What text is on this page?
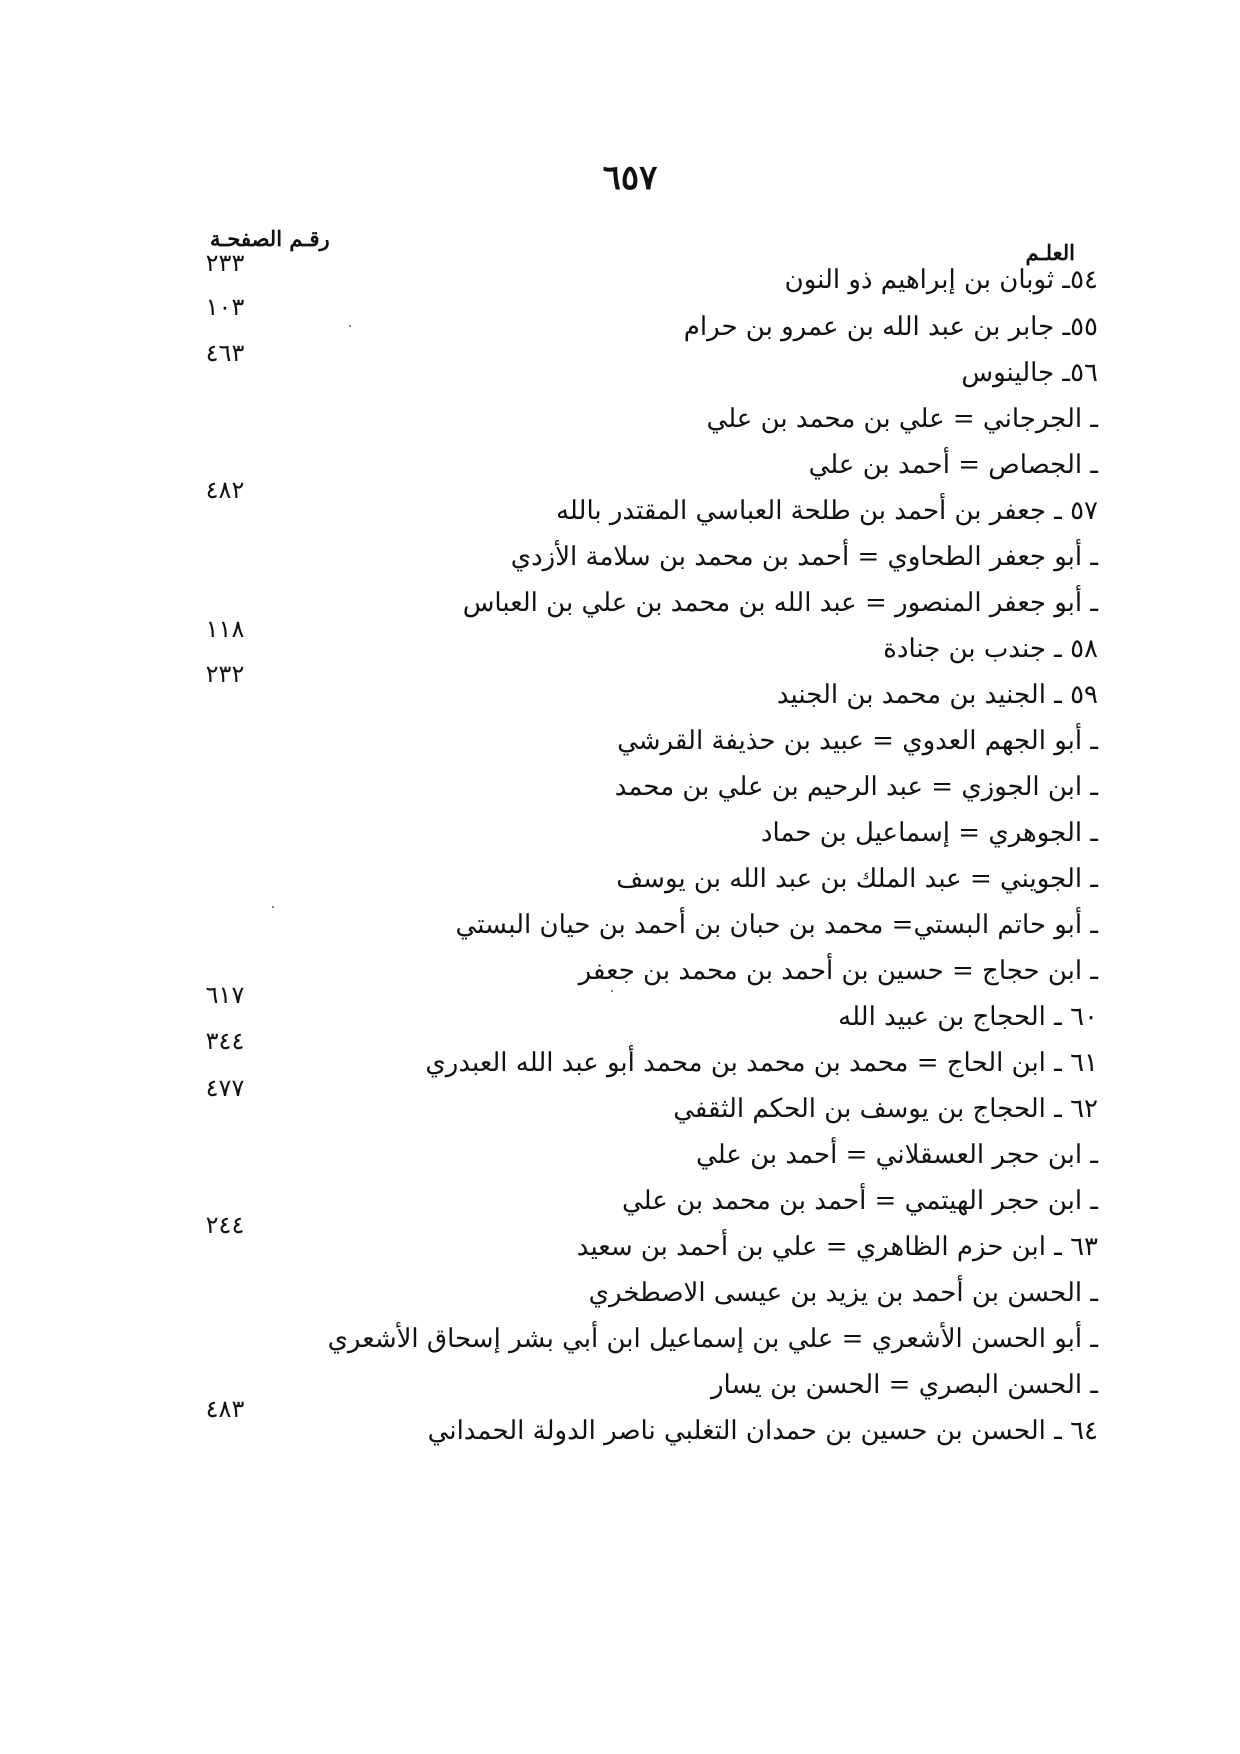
٦٥٧
العلـم
رقـم الصفحـة
٥٤ـ ثوبان بن إبراهيم ذو النون
٢٣٣
٥٥ـ جابر بن عبد الله بن عمرو بن حرام
١٠٣
٥٦ـ جالينوس
٤٦٣
ـ الجرجاني = علي بن محمد بن علي
ـ الجصاص = أحمد بن علي
٥٧ ـ جعفر بن أحمد بن طلحة العباسي المقتدر بالله
٤٨٢
ـ أبو جعفر الطحاوي = أحمد بن محمد بن سلامة الأزدي
ـ أبو جعفر المنصور = عبد الله بن محمد بن علي بن العباس
٥٨ ـ جندب بن جنادة
١١٨
٥٩ ـ الجنيد بن محمد بن الجنيد
٢٣٢
ـ أبو الجهم العدوي = عبيد بن حذيفة القرشي
ـ ابن الجوزي = عبد الرحيم بن علي بن محمد
ـ الجوهري = إسماعيل بن حماد
ـ الجويني = عبد الملك بن عبد الله بن يوسف
ـ أبو حاتم البستي= محمد بن حبان بن أحمد بن حيان البستي
ـ ابن حجاج = حسين بن أحمد بن محمد بن جعفر
٦٠ ـ الحجاج بن عبيد الله
٦١٧
٦١ ـ ابن الحاج = محمد بن محمد بن محمد أبو عبد الله العبدري
٣٤٤
٦٢ ـ الحجاج بن يوسف بن الحكم الثقفي
٤٧٧
ـ ابن حجر العسقلاني = أحمد بن علي
ـ ابن حجر الهيتمي = أحمد بن محمد بن علي
٦٣ ـ ابن حزم الظاهري = علي بن أحمد بن سعيد
٢٤٤
ـ الحسن بن أحمد بن يزيد بن عيسى الاصطخري
ـ أبو الحسن الأشعري = علي بن إسماعيل ابن أبي بشر إسحاق الأشعري
ـ الحسن البصري = الحسن بن يسار
٦٤ ـ الحسن بن حسين بن حمدان التغلبي ناصر الدولة الحمداني
٤٨٣
